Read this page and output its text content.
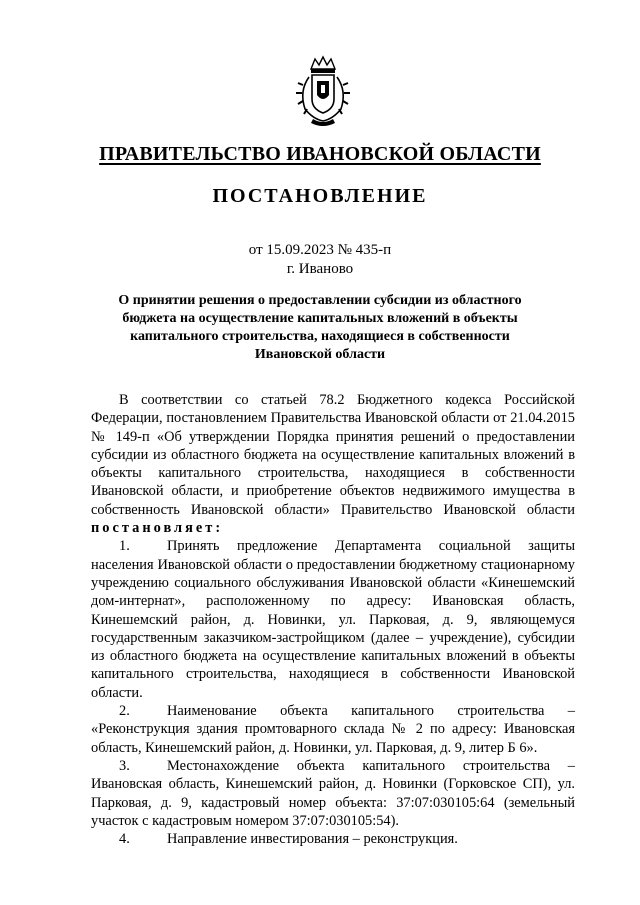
ПРАВИТЕЛЬСТВО ИВАНОВСКОЙ ОБЛАСТИ
ПОСТАНОВЛЕНИЕ
от 15.09.2023 № 435-п
г. Иваново
О принятии решения о предоставлении субсидии из областного бюджета на осуществление капитальных вложений в объекты капитального строительства, находящиеся в собственности Ивановской области

В соответствии со статьей 78.2 Бюджетного кодекса Российской Федерации, постановлением Правительства Ивановской области от 21.04.2015 № 149-п «Об утверждении Порядка принятия решений о предоставлении субсидии из областного бюджета на осуществление капитальных вложений в объекты капитального строительства, находящиеся в собственности Ивановской области, и приобретение объектов недвижимого имущества в собственность Ивановской области» Правительство Ивановской области постановляет:

1.	Принять предложение Департамента социальной защиты населения Ивановской области о предоставлении бюджетному стационарному учреждению социального обслуживания Ивановской области «Кинешемский дом-интернат», расположенному по адресу: Ивановская область, Кинешемский район, д. Новинки, ул. Парковая, д. 9, являющемуся государственным заказчиком-застройщиком (далее – учреждение), субсидии из областного бюджета на осуществление капитальных вложений в объекты капитального строительства, находящиеся в собственности Ивановской области.

2.	Наименование объекта капитального строительства – «Реконструкция здания промтоварного склада № 2 по адресу: Ивановская область, Кинешемский район, д. Новинки, ул. Парковая, д. 9, литер Б 6».

3.	Местонахождение объекта капитального строительства – Ивановская область, Кинешемский район, д. Новинки (Горковское СП), ул. Парковая, д. 9, кадастровый номер объекта: 37:07:030105:64 (земельный участок с кадастровым номером 37:07:030105:54).

4.	Направление инвестирования – реконструкция.
